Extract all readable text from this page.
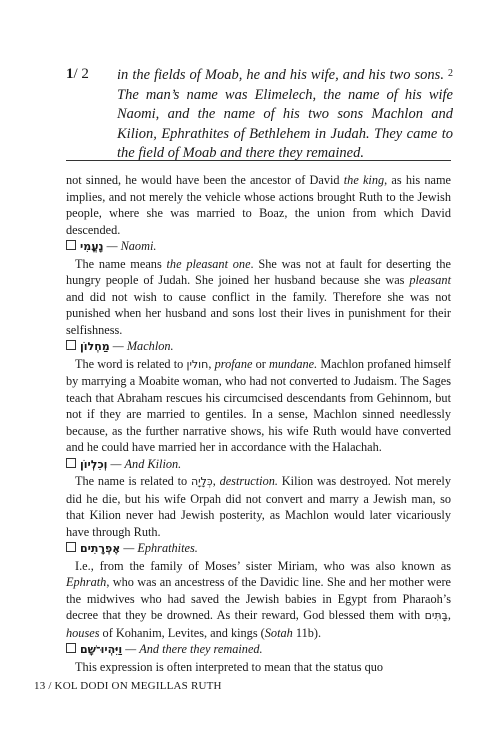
1/ 2 in the fields of Moab, he and his wife, and his two sons. $^2$ The man’s name was Elimelech, the name of his wife Naomi, and the name of his two sons Machlon and Kilion, Ephrathites of Bethlehem in Judah. They came to the field of Moab and there they remained.

not sinned, he would have been the ancestor of David the king, as his name implies, and not merely the vehicle whose actions brought Ruth to the Jewish people, where she was married to Boaz, the union from which David descended.

נָעֳמִי — Naomi.

The name means the pleasant one. She was not at fault for deserting the hungry people of Judah. She joined her husband because she was pleasant and did not wish to cause conflict in the family. Therefore she was not punished when her husband and sons lost their lives in punishment for their selfishness.

מַחְלוֹן — Machlon.

The word is related to חולין, profane or mundane. Machlon profaned himself by marrying a Moabite woman, who had not converted to Judaism. The Sages teach that Abraham rescues his circumcised descendants from Gehinnom, but not if they are married to gentiles. In a sense, Machlon sinned needlessly because, as the further narrative shows, his wife Ruth would have converted and he could have married her in accordance with the Halachah.

וְכִלְיוֹן — And Kilion.

The name is related to כְּלָיָה, destruction. Kilion was destroyed. Not merely did he die, but his wife Orpah did not convert and marry a Jewish man, so that Kilion never had Jewish posterity, as Machlon would later vicariously have through Ruth.

אֶפְרָתִים — Ephrathites.

I.e., from the family of Moses’ sister Miriam, who was also known as Ephrath, who was an ancestress of the Davidic line. She and her mother were the midwives who had saved the Jewish babies in Egypt from Pharaoh’s decree that they be drowned. As their reward, God blessed them with בָּתִּים, houses of Kohanim, Levites, and kings (Sotah 11b).

וַיִּהְיוּ־שָׁם — And there they remained.

This expression is often interpreted to mean that the status quo

13 / KOL DODI ON MEGILLAS RUTH
